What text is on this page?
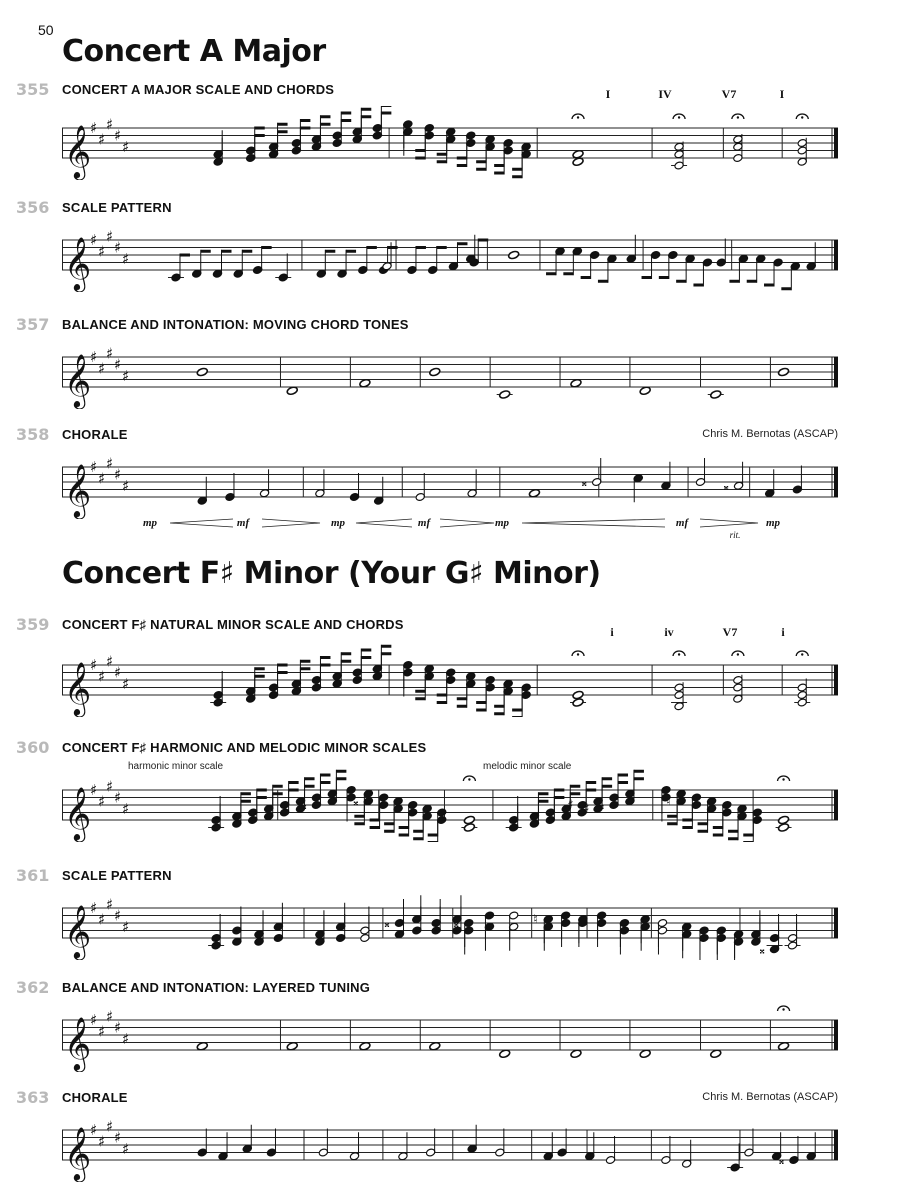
50
Concert A Major
Concert F♯ Minor (Your G♯ Minor)
355 CONCERT A MAJOR SCALE AND CHORDS	I	IV	V7	I
𝄞
♯
♯
♯
♯
♯
356 SCALE PATTERN
𝄞
♯
♯
♯
♯
♯
357 BALANCE AND INTONATION: MOVING CHORD TONES
𝄞
♯
♯
♯
♯
♯
358 CHORALE	Chris M. Bernotas (ASCAP)
𝄞
♯
♯
♯
♯
♯	𝄪	𝄪
mp	mf	mp	mf	mp	mf	mp
rit.
359 CONCERT F♯ NATURAL MINOR SCALE AND CHORDS	i	iv	V7	i
𝄞
♯
♯
♯
♯
♯
360 CONCERT F♯ HARMONIC AND MELODIC MINOR SCALES
harmonic minor scale	melodic minor scale
𝄞
♯
♯
♯
♯
♯	𝄪	𝄪	♯ ♯ 𝄪	♮
361 SCALE PATTERN
𝄞
♯
♯
♯
♯
♯	𝄪	𝄪	♮
𝄪
362 BALANCE AND INTONATION: LAYERED TUNING
𝄞
♯
♯
♯
♯
♯
363 CHORALE	Chris M. Bernotas (ASCAP)
𝄞
♯
♯
♯
♯
♯
𝄪
